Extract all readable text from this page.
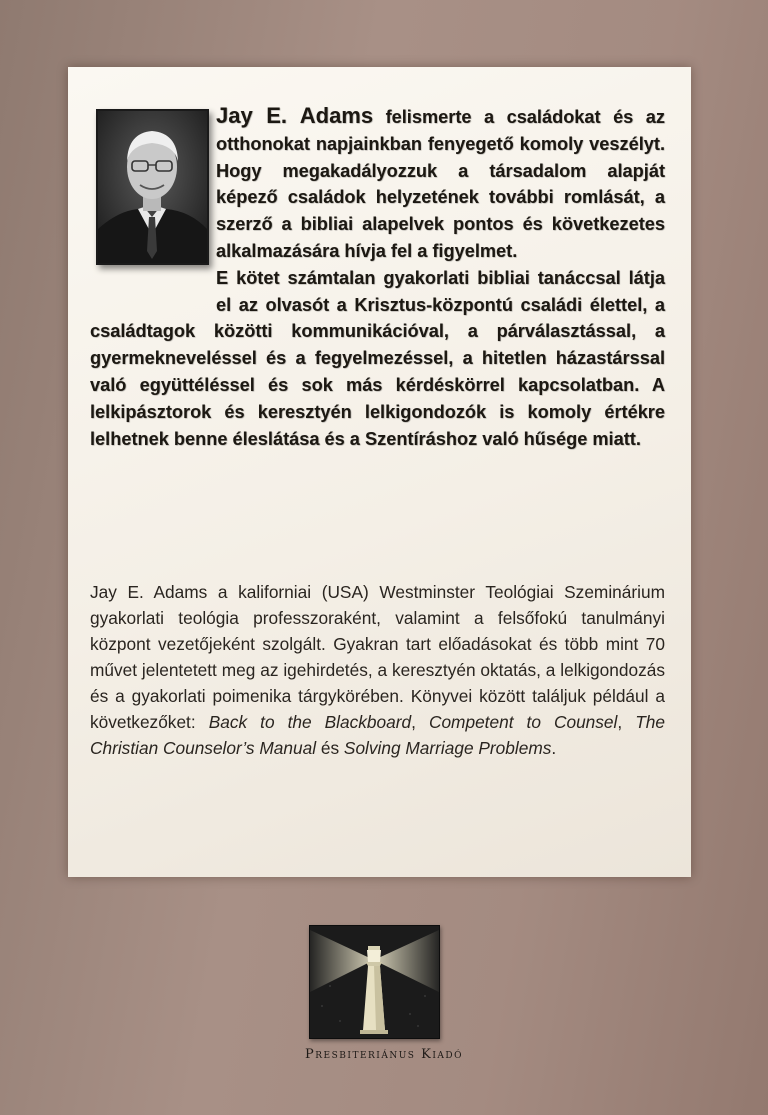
Jay E. Adams felismerte a családokat és az otthonokat napjainkban fenyegető komoly veszélyt. Hogy megakadályozzuk a társadalom alapját képező családok helyzetének további romlását, a szerző a bibliai alapelvek pontos és következetes alkalmazására hívja fel a figyelmet.

E kötet számtalan gyakorlati bibliai tanáccsal látja el az olvasót a Krisztus-központú családi élettel, a családtagok közötti kommunikációval, a párválasztással, a gyermekneveléssel és a fegyelmezéssel, a hitetlen házastárssal való együttéléssel és sok más kérdéskörrel kapcsolatban. A lelkipásztorok és keresztyén lelkigondozók is komoly értékre lelhetnek benne éleslátása és a Szentíráshoz való hűsége miatt.

Jay E. Adams a kaliforniai (USA) Westminster Teológiai Szeminárium gyakorlati teológia professzoraként, valamint a felsőfokú tanulmányi központ vezetőjeként szolgált. Gyakran tart előadásokat és több mint 70 művet jelentetett meg az igehirdetés, a keresztyén oktatás, a lelkigondozás és a gyakorlati poimenika tárgykörében. Könyvei között találjuk például a következőket: Back to the Blackboard, Competent to Counsel, The Christian Counselor’s Manual és Solving Marriage Problems.
Presbiteriánus Kiadó
